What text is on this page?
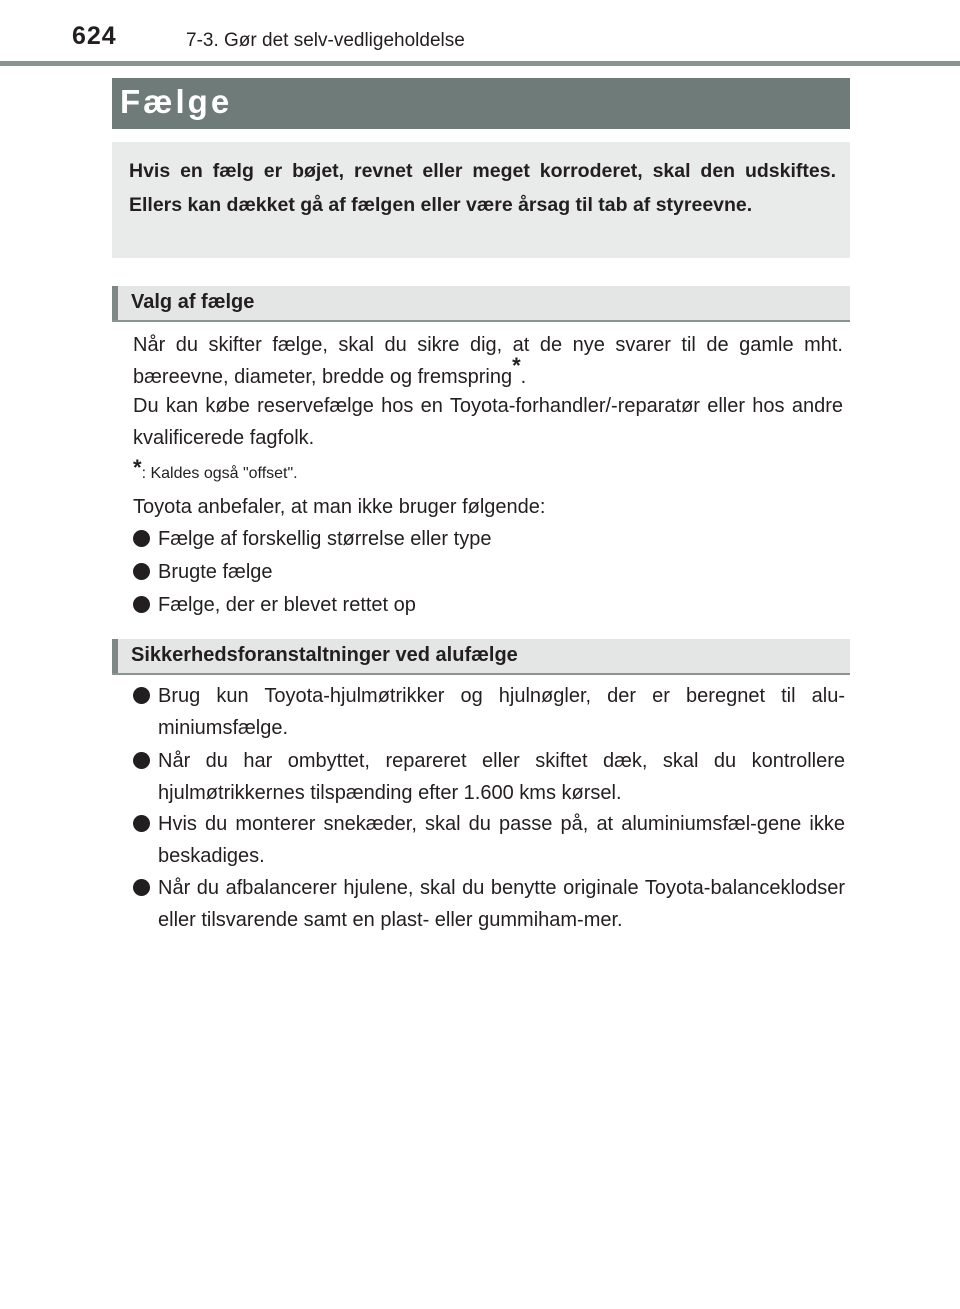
624	7-3. Gør det selv-vedligeholdelse
Fælge

Hvis en fælg er bøjet, revnet eller meget korroderet, skal den udskiftes. Ellers kan dækket gå af fælgen eller være årsag til tab af styreevne.

Valg af fælge

Når du skifter fælge, skal du sikre dig, at de nye svarer til de gamle mht. bæreevne, diameter, bredde og fremspring*.

Du kan købe reservefælge hos en Toyota-forhandler/-reparatør eller hos andre kvalificerede fagfolk.

*: Kaldes også "offset".

Toyota anbefaler, at man ikke bruger følgende:

Fælge af forskellig størrelse eller type
Brugte fælge
Fælge, der er blevet rettet op
Sikkerhedsforanstaltninger ved alufælge
Brug kun Toyota-hjulmøtrikker og hjulnøgler, der er beregnet til alu-miniumsfælge.
Når du har ombyttet, repareret eller skiftet dæk, skal du kontrollere hjulmøtrikkernes tilspænding efter 1.600 kms kørsel.
Hvis du monterer snekæder, skal du passe på, at aluminiumsfæl-gene ikke beskadiges.
Når du afbalancerer hjulene, skal du benytte originale Toyota-balanceklodser eller tilsvarende samt en plast- eller gummiham-mer.
